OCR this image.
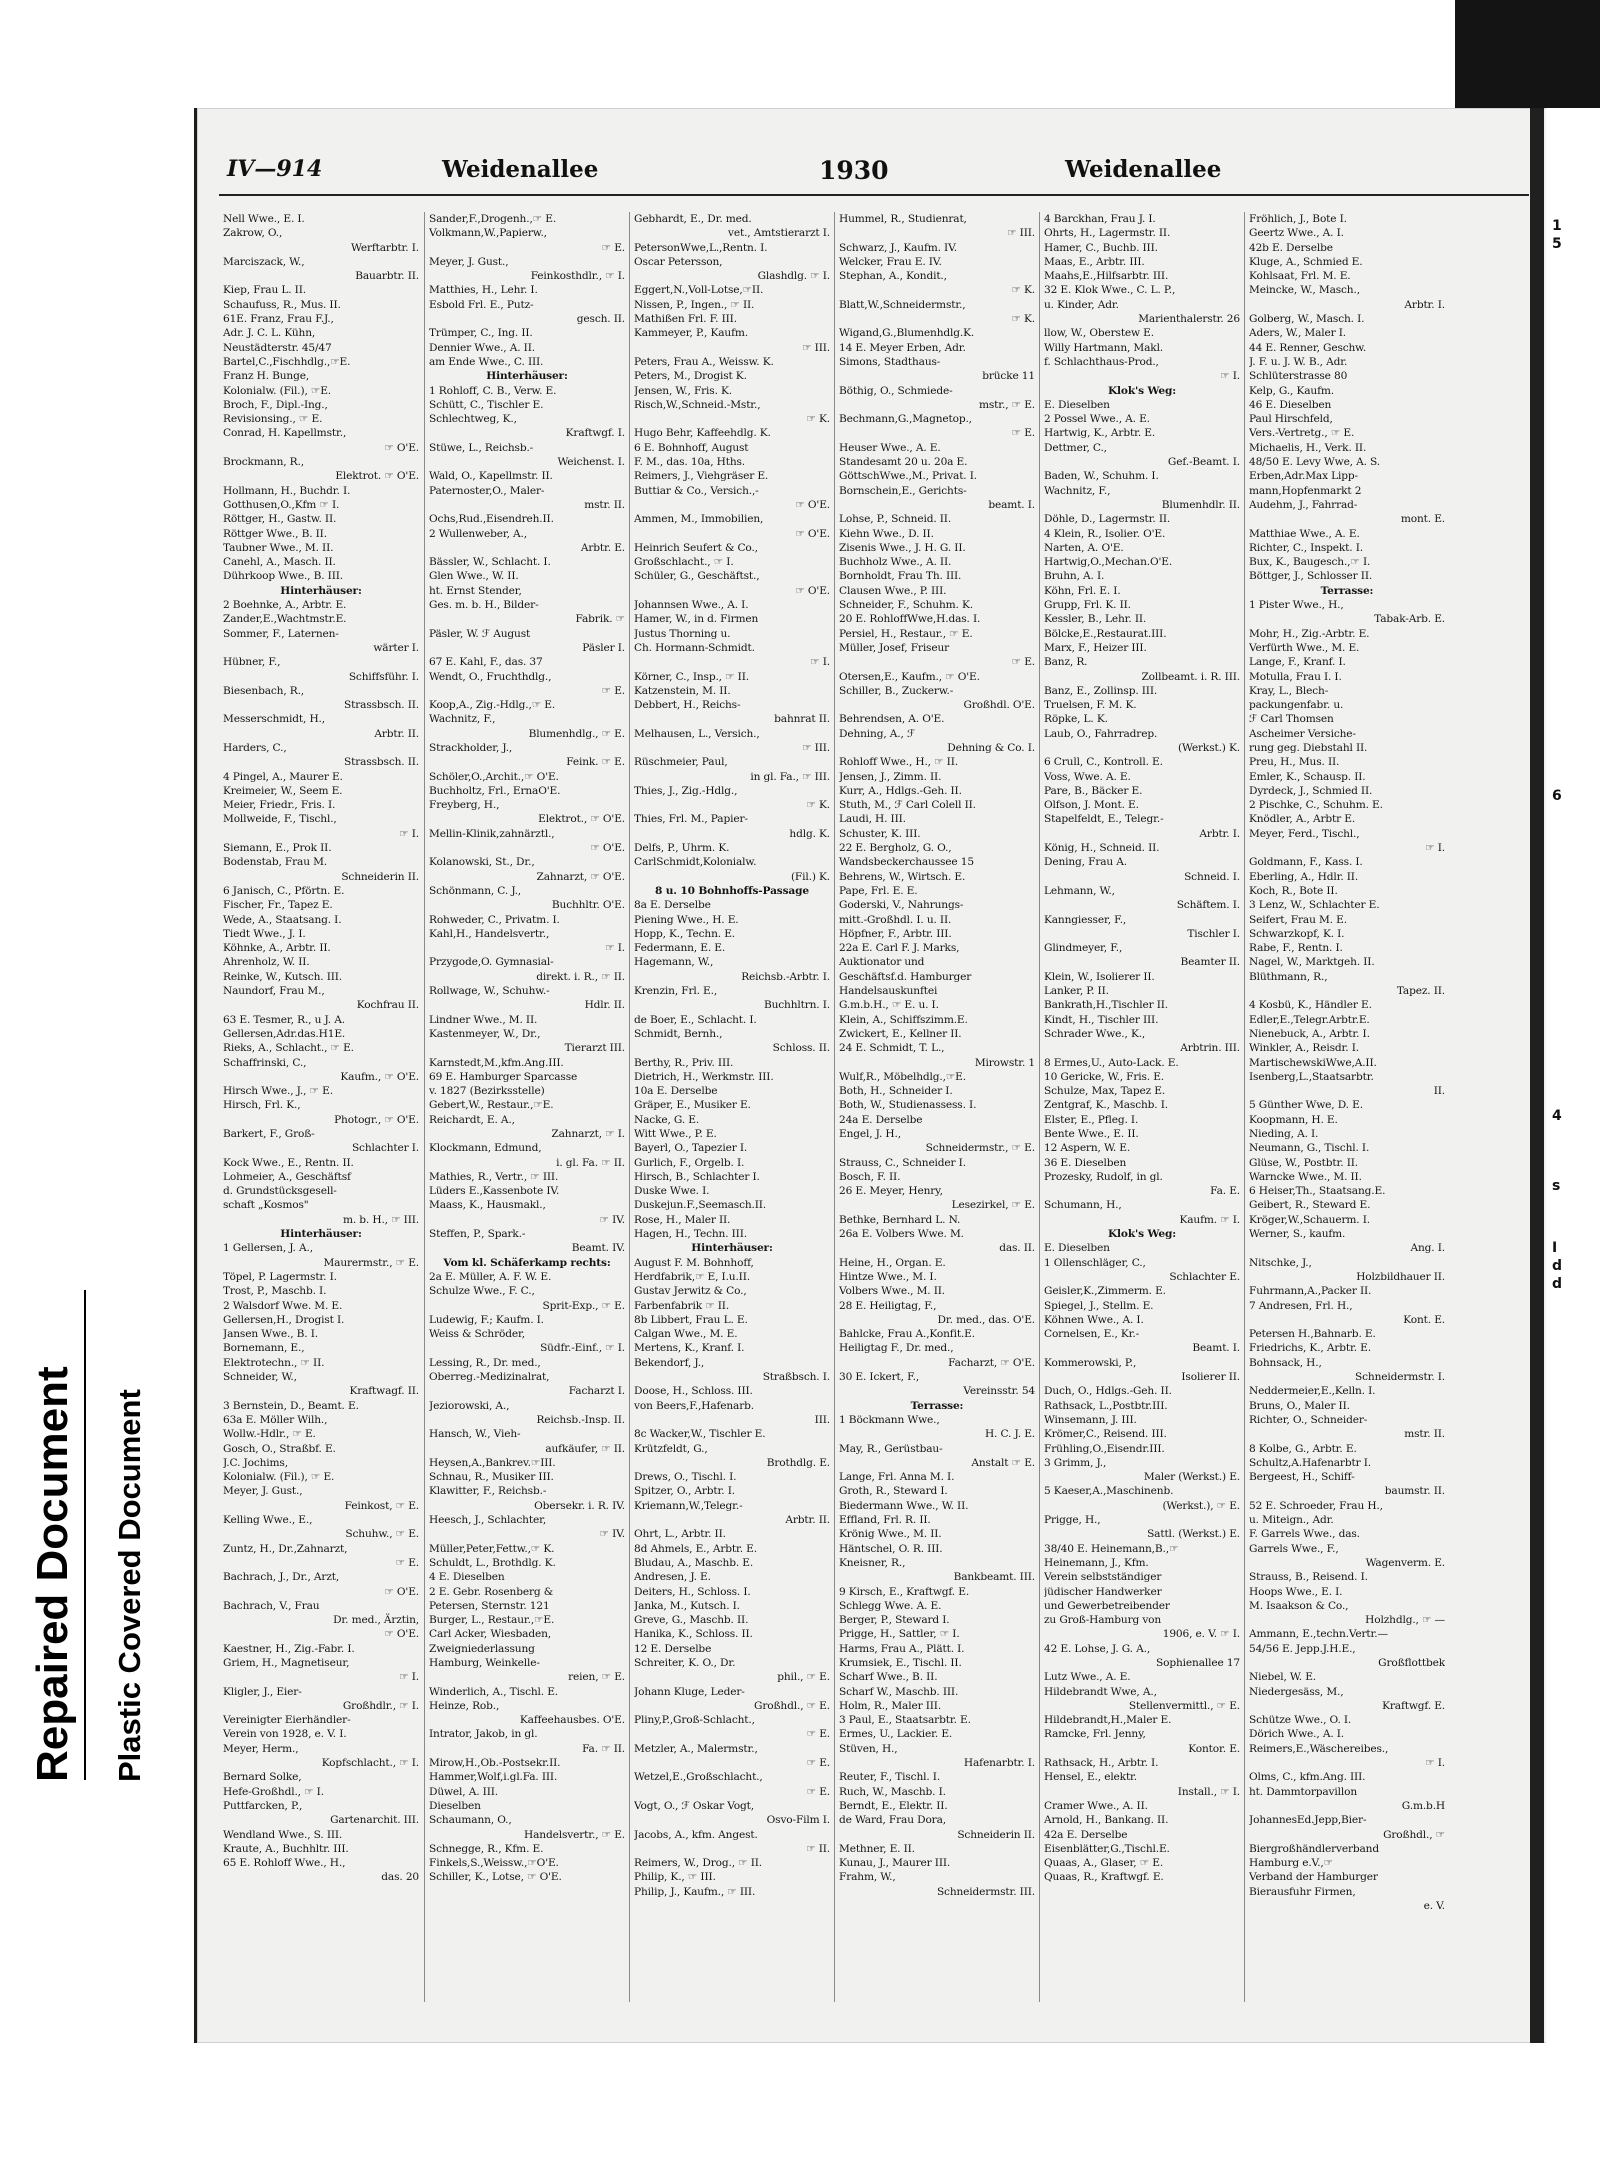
Repaired Document Plastic Covered Document
IV—914	Weidenallee	1930	Weidenallee
Nell Wwe., E. I.
Zakrow, O.,
Werftarbtr. I.
Marciszack, W.,
Bauarbtr. II.
Kiep, Frau L. II.
Schaufuss, R., Mus. II.
61E. Franz, Frau F.J.,
Adr. J. C. L. Kühn,
Neustädterstr. 45/47
Bartel,C.,Fischhdlg.,☞E.
Franz H. Bunge,
Kolonialw. (Fil.), ☞E.
Broch, F., Dipl.-Ing.,
Revisionsing., ☞ E.
Conrad, H. Kapellmstr.,
☞ O'E.
Brockmann, R.,
Elektrot. ☞ O'E.
Hollmann, H., Buchdr. I.
Gotthusen,O.,Kfm ☞ I.
Röttger, H., Gastw. II.
Röttger Wwe., B. II.
Taubner Wwe., M. II.
Canehl, A., Masch. II.
Dührkoop Wwe., B. III.
Hinterhäuser:
2 Boehnke, A., Arbtr. E.
Zander,E.,Wachtmstr.E.
Sommer, F., Laternen-
wärter I.
Hübner, F.,
Schiffsführ. I.
Biesenbach, R.,
Strassbsch. II.
Messerschmidt, H.,
Arbtr. II.
Harders, C.,
Strassbsch. II.
4 Pingel, A., Maurer E.
Kreimeier, W., Seem E.
Meier, Friedr., Fris. I.
Mollweide, F., Tischl.,
☞ I.
Siemann, E., Prok II.
Bodenstab, Frau M.
Schneiderin II.
6 Janisch, C., Pförtn. E.
Fischer, Fr., Tapez E.
Wede, A., Staatsang. I.
Tiedt Wwe., J. I.
Köhnke, A., Arbtr. II.
Ahrenholz, W. II.
Reinke, W., Kutsch. III.
Naundorf, Frau M.,
Kochfrau II.
63 E. Tesmer, R., u J. A.
Gellersen,Adr.das.H1E.
Rieks, A., Schlacht., ☞ E.
Schaffrinski, C.,
Kaufm., ☞ O'E.
Hirsch Wwe., J., ☞ E.
Hirsch, Frl. K.,
Photogr., ☞ O'E.
Barkert, F., Groß-
Schlachter I.
Kock Wwe., E., Rentn. II.
Lohmeier, A., Geschäftsf
d. Grundstücksgesell-
schaft „Kosmos"
m. b. H., ☞ III.
Hinterhäuser:
1 Gellersen, J. A.,
Maurermstr., ☞ E.
Töpel, P. Lagermstr. I.
Trost, P., Maschb. I.
2 Walsdorf Wwe. M. E.
Gellersen,H., Drogist I.
Jansen Wwe., B. I.
Bornemann, E.,
Elektrotechn., ☞ II.
Schneider, W.,
Kraftwagf. II.
3 Bernstein, D., Beamt. E.
63a E. Möller Wilh.,
Wollw.-Hdlr., ☞ E.
Gosch, O., Straßbf. E.
J.C. Jochims,
Kolonialw. (Fil.), ☞ E.
Meyer, J. Gust.,
Feinkost, ☞ E.
Kelling Wwe., E.,
Schuhw., ☞ E.
Zuntz, H., Dr.,Zahnarzt,
☞ E.
Bachrach, J., Dr., Arzt,
☞ O'E.
Bachrach, V., Frau
Dr. med., Ärztin,
☞ O'E.
Kaestner, H., Zig.-Fabr. I.
Griem, H., Magnetiseur,
☞ I.
Kligler, J., Eier-
Großhdlr., ☞ I.
Vereinigter Eierhändler-
Verein von 1928, e. V. I.
Meyer, Herm.,
Kopfschlacht., ☞ I.
Bernard Solke,
Hefe-Großhdl., ☞ I.
Puttfarcken, P.,
Gartenarchit. III.
Wendland Wwe., S. III.
Kraute, A., Buchhltr. III.
65 E. Rohloff Wwe., H.,
das. 20
Sander,F.,Drogenh.,☞ E.
Volkmann,W.,Papierw.,
☞ E.
Meyer, J. Gust.,
Feinkosthdlr., ☞ I.
Matthies, H., Lehr. I.
Esbold Frl. E., Putz-
gesch. II.
Trümper, C., Ing. II.
Dennier Wwe., A. II.
am Ende Wwe., C. III.
Hinterhäuser:
1 Rohloff, C. B., Verw. E.
Schütt, C., Tischler E.
Schlechtweg, K.,
Kraftwgf. I.
Stüwe, L., Reichsb.-
Weichenst. I.
Wald, O., Kapellmstr. II.
Paternoster,O., Maler-
mstr. II.
Ochs,Rud.,Eisendreh.II.
2 Wullenweber, A.,
Arbtr. E.
Bässler, W., Schlacht. I.
Glen Wwe., W. II.
ht. Ernst Stender,
Ges. m. b. H., Bilder-
Fabrik. ☞
Päsler, W. ℱ August
Päsler I.
67 E. Kahl, F., das. 37
Wendt, O., Fruchthdlg.,
☞ E.
Koop,A., Zig.-Hdlg.,☞ E.
Wachnitz, F.,
Blumenhdlg., ☞ E.
Strackholder, J.,
Feink. ☞ E.
Schöler,O.,Archit.,☞ O'E.
Buchholtz, Frl., ErnaO'E.
Freyberg, H.,
Elektrot., ☞ O'E.
Mellin-Klinik,zahnärztl.,
☞ O'E.
Kolanowski, St., Dr.,
Zahnarzt, ☞ O'E.
Schönmann, C. J.,
Buchhltr. O'E.
Rohweder, C., Privatm. I.
Kahl,H., Handelsvertr.,
☞ I.
Przygode,O. Gymnasial-
direkt. i. R., ☞ II.
Rollwage, W., Schuhw.-
Hdlr. II.
Lindner Wwe., M. II.
Kastenmeyer, W., Dr.,
Tierarzt III.
Karnstedt,M.,kfm.Ang.III.
69 E. Hamburger Sparcasse
v. 1827 (Bezirksstelle)
Gebert,W., Restaur.,☞E.
Reichardt, E. A.,
Zahnarzt, ☞ I.
Klockmann, Edmund,
i. gl. Fa. ☞ II.
Mathies, R., Vertr., ☞ III.
Lüders E.,Kassenbote IV.
Maass, K., Hausmakl.,
☞ IV.
Steffen, P., Spark.-
Beamt. IV.
Vom kl. Schäferkamp rechts:
2a E. Müller, A. F. W. E.
Schulze Wwe., F. C.,
Sprit-Exp., ☞ E.
Ludewig, F.; Kaufm. I.
Weiss & Schröder,
Südfr.-Einf., ☞ I.
Lessing, R., Dr. med.,
Oberreg.-Medizinalrat,
Facharzt I.
Jeziorowski, A.,
Reichsb.-Insp. II.
Hansch, W., Vieh-
aufkäufer, ☞ II.
Heysen,A.,Bankrev.☞III.
Schnau, R., Musiker III.
Klawitter, F., Reichsb.-
Obersekr. i. R. IV.
Heesch, J., Schlachter,
☞ IV.
Müller,Peter,Fettw.,☞ K.
Schuldt, L., Brothdlg. K.
4 E. Dieselben
2 E. Gebr. Rosenberg &
Petersen, Sternstr. 121
Burger, L., Restaur.,☞E.
Carl Acker, Wiesbaden,
Zweigniederlassung
Hamburg, Weinkelle-
reien, ☞ E.
Winderlich, A., Tischl. E.
Heinze, Rob.,
Kaffeehausbes. O'E.
Intrator, Jakob, in gl.
Fa. ☞ II.
Mirow,H.,Ob.-Postsekr.II.
Hammer,Wolf,i.gl.Fa. III.
Düwel, A. III.
Dieselben
Schaumann, O.,
Handelsvertr., ☞ E.
Schnegge, R., Kfm. E.
Finkels,S.,Weissw.,☞O'E.
Schiller, K., Lotse, ☞ O'E.
Gebhardt, E., Dr. med.
vet., Amtstierarzt I.
PetersonWwe,L.,Rentn. I.
Oscar Petersson,
Glashdlg. ☞ I.
Eggert,N.,Voll-Lotse,☞II.
Nissen, P., Ingen., ☞ II.
Mathißen Frl. F. III.
Kammeyer, P., Kaufm.
☞ III.
Peters, Frau A., Weissw. K.
Peters, M., Drogist K.
Jensen, W., Fris. K.
Risch,W.,Schneid.-Mstr.,
☞ K.
Hugo Behr, Kaffeehdlg. K.
6 E. Bohnhoff, August
F. M., das. 10a, Hths.
Reimers, J., Viehgräser E.
Buttiar & Co., Versich.,-
☞ O'E.
Ammen, M., Immobilien,
☞ O'E.
Heinrich Seufert & Co.,
Großschlacht., ☞ I.
Schüler, G., Geschäftst.,
☞ O'E.
Johannsen Wwe., A. I.
Hamer, W., in d. Firmen
Justus Thorning u.
Ch. Hormann-Schmidt.
☞ I.
Körner, C., Insp., ☞ II.
Katzenstein, M. II.
Debbert, H., Reichs-
bahnrat II.
Melhausen, L., Versich.,
☞ III.
Rüschmeier, Paul,
in gl. Fa., ☞ III.
Thies, J., Zig.-Hdlg.,
☞ K.
Thies, Frl. M., Papier-
hdlg. K.
Delfs, P., Uhrm. K.
CarlSchmidt,Kolonialw.
(Fil.) K.
8 u. 10 Bohnhoffs-Passage
8a E. Derselbe
Piening Wwe., H. E.
Hopp, K., Techn. E.
Federmann, E. E.
Hagemann, W.,
Reichsb.-Arbtr. I.
Krenzin, Frl. E.,
Buchhltrn. I.
de Boer, E., Schlacht. I.
Schmidt, Bernh.,
Schloss. II.
Berthy, R., Priv. III.
Dietrich, H., Werkmstr. III.
10a E. Derselbe
Gräper, E., Musiker E.
Nacke, G. E.
Witt Wwe., P. E.
Bayerl, O., Tapezier I.
Gurlich, F., Orgelb. I.
Hirsch, B., Schlachter I.
Duske Wwe. I.
Duskejun.F.,Seemasch.II.
Rose, H., Maler II.
Hagen, H., Techn. III.
Hinterhäuser:
August F. M. Bohnhoff,
Herdfabrik,☞ E, I.u.II.
Gustav Jerwitz & Co.,
Farbenfabrik ☞ II.
8b Libbert, Frau L. E.
Calgan Wwe., M. E.
Mertens, K., Kranf. I.
Bekendorf, J.,
Straßbsch. I.
Doose, H., Schloss. III.
von Beers,F.,Hafenarb.
III.
8c Wacker,W., Tischler E.
Krützfeldt, G.,
Brothdlg. E.
Drews, O., Tischl. I.
Spitzer, O., Arbtr. I.
Kriemann,W.,Telegr.-
Arbtr. II.
Ohrt, L., Arbtr. II.
8d Ahmels, E., Arbtr. E.
Bludau, A., Maschb. E.
Andresen, J. E.
Deiters, H., Schloss. I.
Janka, M., Kutsch. I.
Greve, G., Maschb. II.
Hanika, K., Schloss. II.
12 E. Derselbe
Schreiter, K. O., Dr.
phil., ☞ E.
Johann Kluge, Leder-
Großhdl., ☞ E.
Pliny,P.,Groß-Schlacht.,
☞ E.
Metzler, A., Malermstr.,
☞ E.
Wetzel,E.,Großschlacht.,
☞ E.
Vogt, O., ℱ Oskar Vogt,
Osvo-Film I.
Jacobs, A., kfm. Angest.
☞ II.
Reimers, W., Drog., ☞ II.
Philip, K., ☞ III.
Philip, J., Kaufm., ☞ III.
Hummel, R., Studienrat,
☞ III.
Schwarz, J., Kaufm. IV.
Welcker, Frau E. IV.
Stephan, A., Kondit.,
☞ K.
Blatt,W.,Schneidermstr.,
☞ K.
Wigand,G.,Blumenhdlg.K.
14 E. Meyer Erben, Adr.
Simons, Stadthaus-
brücke 11
Böthig, O., Schmiede-
mstr., ☞ E.
Bechmann,G.,Magnetop.,
☞ E.
Heuser Wwe., A. E.
Standesamt 20 u. 20a E.
GöttschWwe.,M., Privat. I.
Bornschein,E., Gerichts-
beamt. I.
Lohse, P., Schneid. II.
Kiehn Wwe., D. II.
Zisenis Wwe., J. H. G. II.
Buchholz Wwe., A. II.
Bornholdt, Frau Th. III.
Clausen Wwe., P. III.
Schneider, F., Schuhm. K.
20 E. RohloffWwe,H.das. I.
Persiel, H., Restaur., ☞ E.
Müller, Josef, Friseur
☞ E.
Otersen,E., Kaufm., ☞ O'E.
Schiller, B., Zuckerw.-
Großhdl. O'E.
Behrendsen, A. O'E.
Dehning, A., ℱ
Dehning & Co. I.
Rohloff Wwe., H., ☞ II.
Jensen, J., Zimm. II.
Kurr, A., Hdlgs.-Geh. II.
Stuth, M., ℱ Carl Colell II.
Laudi, H. III.
Schuster, K. III.
22 E. Bergholz, G. O.,
Wandsbeckerchaussee 15
Behrens, W., Wirtsch. E.
Pape, Frl. E. E.
Goderski, V., Nahrungs-
mitt.-Großhdl. I. u. II.
Höpfner, F., Arbtr. III.
22a E. Carl F. J. Marks,
Auktionator und
Geschäftsf.d. Hamburger
Handelsauskunftei
G.m.b.H., ☞ E. u. I.
Klein, A., Schiffszimm.E.
Zwickert, E., Kellner II.
24 E. Schmidt, T. L.,
Mirowstr. 1
Wulf,R., Möbelhdlg.,☞E.
Both, H., Schneider I.
Both, W., Studienassess. I.
24a E. Derselbe
Engel, J. H.,
Schneidermstr., ☞ E.
Strauss, C., Schneider I.
Bosch, F. II.
26 E. Meyer, Henry,
Lesezirkel, ☞ E.
Bethke, Bernhard L. N.
26a E. Volbers Wwe. M.
das. II.
Heine, H., Organ. E.
Hintze Wwe., M. I.
Volbers Wwe., M. II.
28 E. Heiligtag, F.,
Dr. med., das. O'E.
Bahlcke, Frau A.,Konfit.E.
Heiligtag F., Dr. med.,
Facharzt, ☞ O'E.
30 E. Ickert, F.,
Vereinsstr. 54
Terrasse:
1 Böckmann Wwe.,
H. C. J. E.
May, R., Gerüstbau-
Anstalt ☞ E.
Lange, Frl. Anna M. I.
Groth, R., Steward I.
Biedermann Wwe., W. II.
Effland, Frl. R. II.
Krönig Wwe., M. II.
Häntschel, O. R. III.
Kneisner, R.,
Bankbeamt. III.
9 Kirsch, E., Kraftwgf. E.
Schlegg Wwe. A. E.
Berger, P., Steward I.
Prigge, H., Sattler, ☞ I.
Harms, Frau A., Plätt. I.
Krumsiek, E., Tischl. II.
Scharf Wwe., B. II.
Scharf W., Maschb. III.
Holm, R., Maler III.
3 Paul, E., Staatsarbtr. E.
Ermes, U., Lackier. E.
Stüven, H.,
Hafenarbtr. I.
Reuter, F., Tischl. I.
Ruch, W., Maschb. I.
Berndt, E., Elektr. II.
de Ward, Frau Dora,
Schneiderin II.
Methner, E. II.
Kunau, J., Maurer III.
Frahm, W.,
Schneidermstr. III.
4 Barckhan, Frau J. I.
Ohrts, H., Lagermstr. II.
Hamer, C., Buchb. III.
Maas, E., Arbtr. III.
Maahs,E.,Hilfsarbtr. III.
32 E. Klok Wwe., C. L. P.,
u. Kinder, Adr.
Marienthalerstr. 26
llow, W., Oberstew E.
Willy Hartmann, Makl.
f. Schlachthaus-Prod.,
☞ I.
Klok's Weg:
E. Dieselben
2 Possel Wwe., A. E.
Hartwig, K., Arbtr. E.
Dettmer, C.,
Gef.-Beamt. I.
Baden, W., Schuhm. I.
Wachnitz, F.,
Blumenhdlr. II.
Döhle, D., Lagermstr. II.
4 Klein, R., Isolier. O'E.
Narten, A. O'E.
Hartwig,O.,Mechan.O'E.
Bruhn, A. I.
Köhn, Frl. E. I.
Grupp, Frl. K. II.
Kessler, B., Lehr. II.
Bölcke,E.,Restaurat.III.
Marx, F., Heizer III.
Banz, R.
Zollbeamt. i. R. III.
Banz, E., Zollinsp. III.
Truelsen, F. M. K.
Röpke, L. K.
Laub, O., Fahrradrep.
(Werkst.) K.
6 Crull, C., Kontroll. E.
Voss, Wwe. A. E.
Pare, B., Bäcker E.
Olfson, J. Mont. E.
Stapelfeldt, E., Telegr.-
Arbtr. I.
König, H., Schneid. II.
Dening, Frau A.
Schneid. I.
Lehmann, W.,
Schäftem. I.
Kanngiesser, F.,
Tischler I.
Glindmeyer, F.,
Beamter II.
Klein, W., Isolierer II.
Lanker, P. II.
Bankrath,H.,Tischler II.
Kindt, H., Tischler III.
Schrader Wwe., K.,
Arbtrin. III.
8 Ermes,U., Auto-Lack. E.
10 Gericke, W., Fris. E.
Schulze, Max, Tapez E.
Zentgraf, K., Maschb. I.
Elster, E., Pfleg. I.
Bente Wwe., E. II.
12 Aspern, W. E.
36 E. Dieselben
Prozesky, Rudolf, in gl.
Fa. E.
Schumann, H.,
Kaufm. ☞ I.
Klok's Weg:
E. Dieselben
1 Ollenschläger, C.,
Schlachter E.
Geisler,K.,Zimmerm. E.
Spiegel, J., Stellm. E.
Köhnen Wwe., A. I.
Cornelsen, E., Kr.-
Beamt. I.
Kommerowski, P.,
Isolierer II.
Duch, O., Hdlgs.-Geh. II.
Rathsack, L.,Postbtr.III.
Winsemann, J. III.
Krömer,C., Reisend. III.
Frühling,O.,Eisendr.III.
3 Grimm, J.,
Maler (Werkst.) E.
5 Kaeser,A.,Maschinenb.
(Werkst.), ☞ E.
Prigge, H.,
Sattl. (Werkst.) E.
38/40 E. Heinemann,B.,☞
Heinemann, J., Kfm.
Verein selbstständiger
jüdischer Handwerker
und Gewerbetreibender
zu Groß-Hamburg von
1906, e. V. ☞ I.
42 E. Lohse, J. G. A.,
Sophienallee 17
Lutz Wwe., A. E.
Hildebrandt Wwe, A.,
Stellenvermittl., ☞ E.
Hildebrandt,H.,Maler E.
Ramcke, Frl. Jenny,
Kontor. E.
Rathsack, H., Arbtr. I.
Hensel, E., elektr.
Install., ☞ I.
Cramer Wwe., A. II.
Arnold, H., Bankang. II.
42a E. Derselbe
Eisenblätter,G.,Tischl.E.
Quaas, A., Glaser, ☞ E.
Quaas, R., Kraftwgf. E.
Fröhlich, J., Bote I.
Geertz Wwe., A. I.
42b E. Derselbe
Kluge, A., Schmied E.
Kohlsaat, Frl. M. E.
Meincke, W., Masch.,
Arbtr. I.
Golberg, W., Masch. I.
Aders, W., Maler I.
44 E. Renner, Geschw.
J. F. u. J. W. B., Adr.
Schlüterstrasse 80
Kelp, G., Kaufm.
46 E. Dieselben
Paul Hirschfeld,
Vers.-Vertretg., ☞ E.
Michaelis, H., Verk. II.
48/50 E. Levy Wwe, A. S.
Erben,Adr.Max Lipp-
mann,Hopfenmarkt 2
Audehm, J., Fahrrad-
mont. E.
Matthiae Wwe., A. E.
Richter, C., Inspekt. I.
Bux, K., Baugesch.,☞ I.
Böttger, J., Schlosser II.
Terrasse:
1 Pister Wwe., H.,
Tabak-Arb. E.
Mohr, H., Zig.-Arbtr. E.
Verfürth Wwe., M. E.
Lange, F., Kranf. I.
Motulla, Frau I. I.
Kray, L., Blech-
packungenfabr. u.
ℱ Carl Thomsen
Ascheimer Versiche-
rung geg. Diebstahl II.
Preu, H., Mus. II.
Emler, K., Schausp. II.
Dyrdeck, J., Schmied II.
2 Pischke, C., Schuhm. E.
Knödler, A., Arbtr E.
Meyer, Ferd., Tischl.,
☞ I.
Goldmann, F., Kass. I.
Eberling, A., Hdlr. II.
Koch, R., Bote II.
3 Lenz, W., Schlachter E.
Seifert, Frau M. E.
Schwarzkopf, K. I.
Rabe, F., Rentn. I.
Nagel, W., Marktgeh. II.
Blüthmann, R.,
Tapez. II.
4 Kosbü, K., Händler E.
Edler,E.,Telegr.Arbtr.E.
Nienebuck, A., Arbtr. I.
Winkler, A., Reisdr. I.
MartischewskiWwe,A.II.
Isenberg,L.,Staatsarbtr.
II.
5 Günther Wwe, D. E.
Koopmann, H. E.
Nieding, A. I.
Neumann, G., Tischl. I.
Glüse, W., Postbtr. II.
Warncke Wwe., M. II.
6 Heiser,Th., Staatsang.E.
Geibert, R., Steward E.
Kröger,W.,Schauerm. I.
Werner, S., kaufm.
Ang. I.
Nitschke, J.,
Holzbildhauer II.
Fuhrmann,A.,Packer II.
7 Andresen, Frl. H.,
Kont. E.
Petersen H.,Bahnarb. E.
Friedrichs, K., Arbtr. E.
Bohnsack, H.,
Schneidermstr. I.
Neddermeier,E.,Kelln. I.
Bruns, O., Maler II.
Richter, O., Schneider-
mstr. II.
8 Kolbe, G., Arbtr. E.
Schultz,A.Hafenarbtr I.
Bergeest, H., Schiff-
baumstr. II.
52 E. Schroeder, Frau H.,
u. Miteign., Adr.
F. Garrels Wwe., das.
Garrels Wwe., F.,
Wagenverm. E.
Strauss, B., Reisend. I.
Hoops Wwe., E. I.
M. Isaakson & Co.,
Holzhdlg., ☞ —
Ammann, E.,techn.Vertr.—
54/56 E. Jepp.J.H.E.,
Großflottbek
Niebel, W. E.
Niedergesäss, M.,
Kraftwgf. E.
Schütze Wwe., O. I.
Dörich Wwe., A. I.
Reimers,E.,Wäschereibes.,
☞ I.
Olms, C., kfm.Ang. III.
ht. Dammtorpavillon
G.m.b.H
JohannesEd.Jepp,Bier-
Großhdl., ☞
Biergroßhändlerverband
Hamburg e.V.,☞
Verband der Hamburger
Bierausfuhr Firmen,
e. V.
1
5
6
4
s
I
d
d
